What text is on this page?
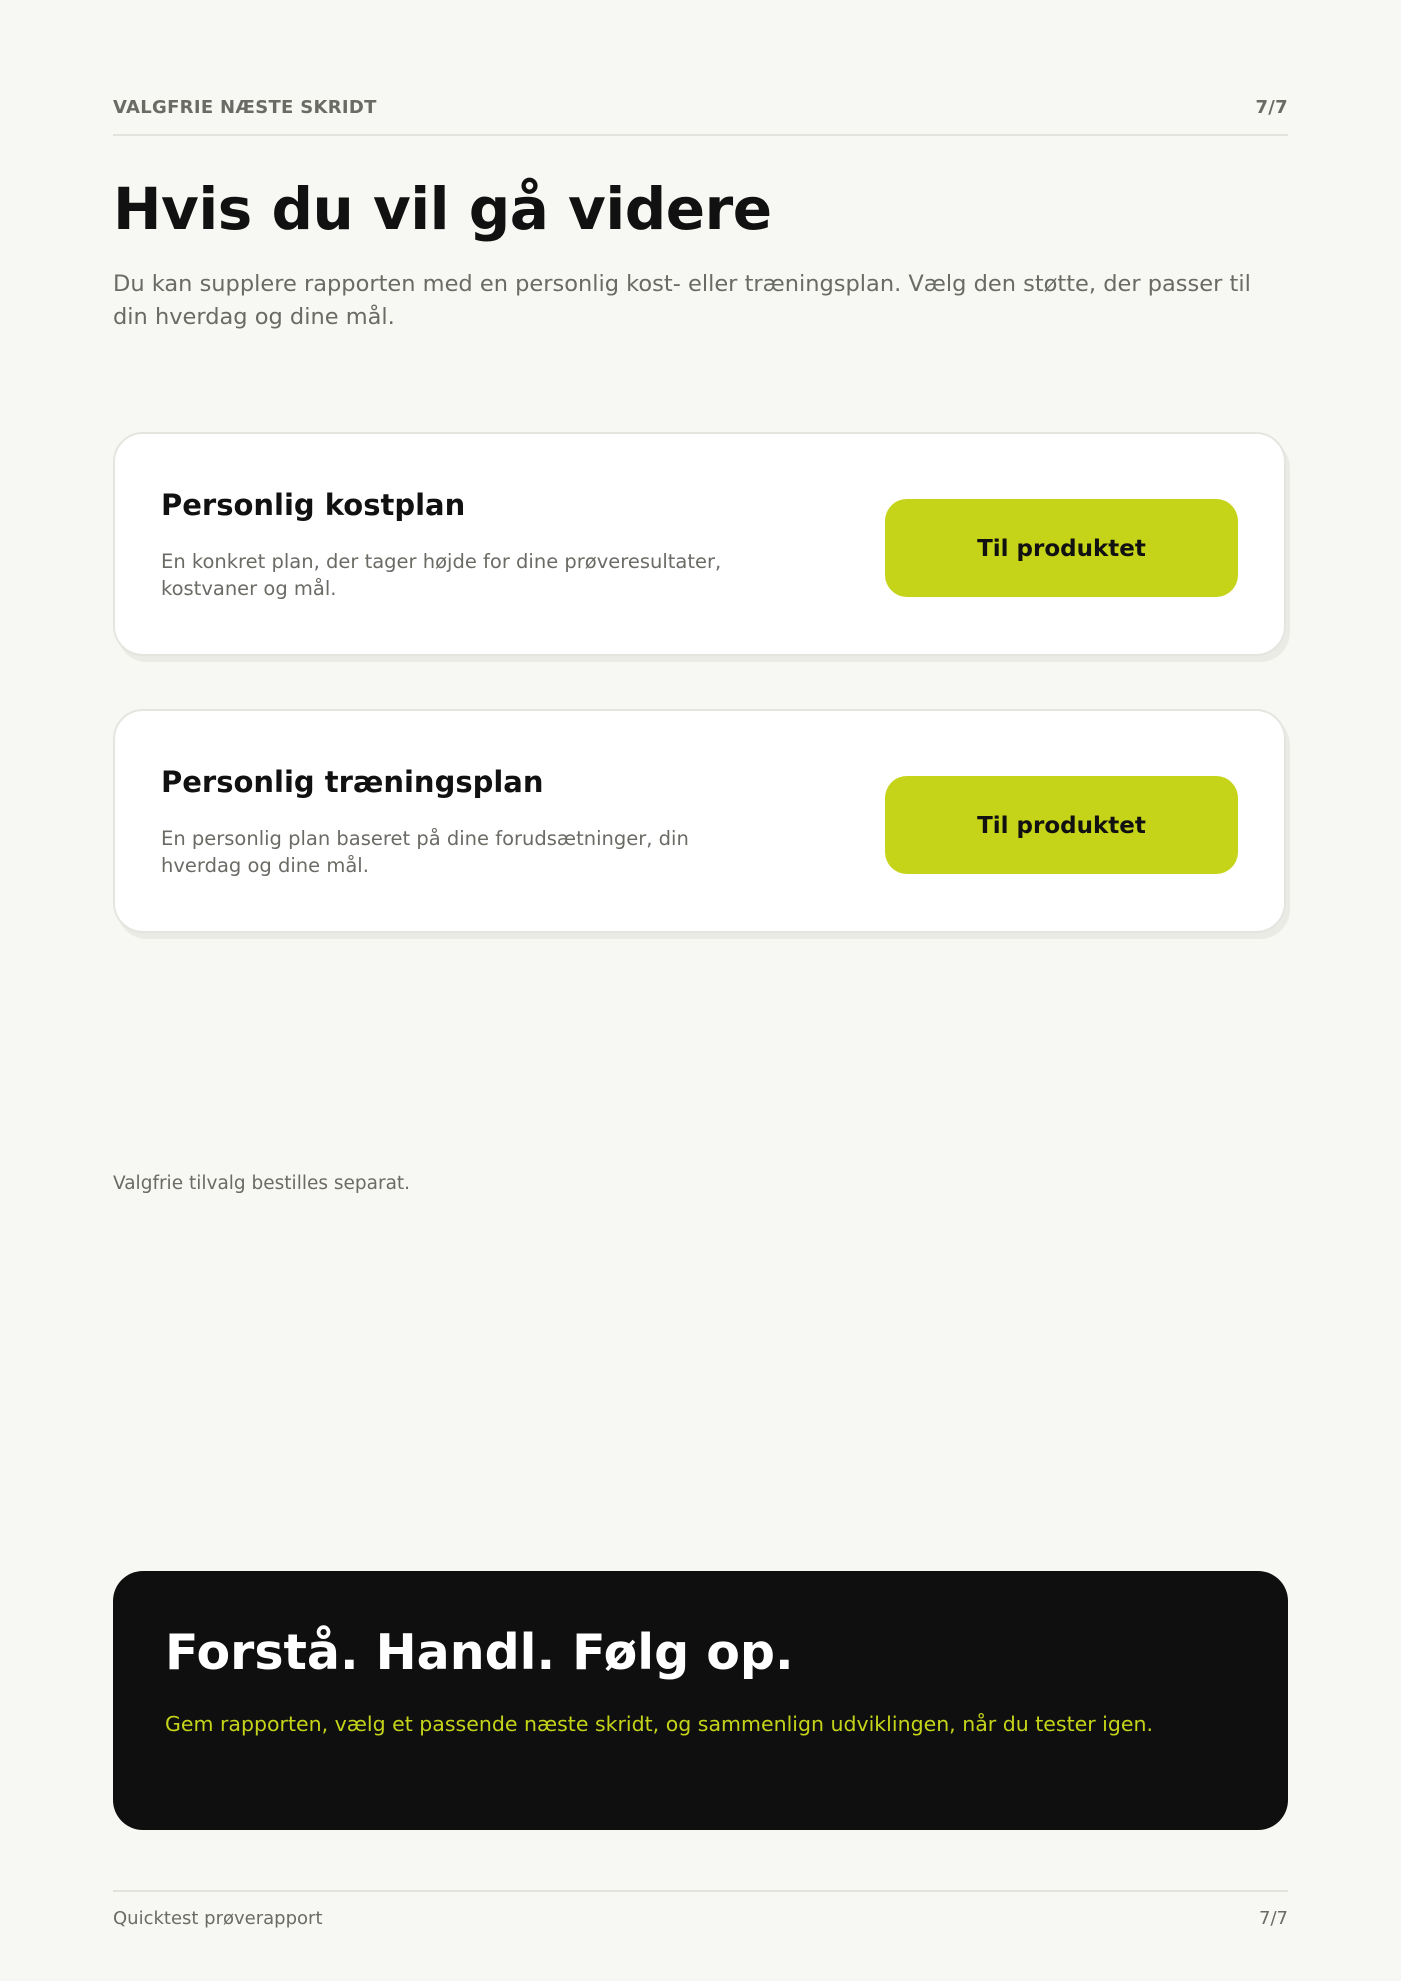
VALGFRIE NÆSTE SKRIDT	7/7
Hvis du vil gå videre

Du kan supplere rapporten med en personlig kost- eller træningsplan. Vælg den støtte, der passer til din hverdag og dine mål.

Personlig kostplan

En konkret plan, der tager højde for dine prøveresultater, kostvaner og mål.

Til produktet
Personlig træningsplan

En personlig plan baseret på dine forudsætninger, din hverdag og dine mål.

Til produktet

Valgfrie tilvalg bestilles separat.

Forstå. Handl. Følg op.

Gem rapporten, vælg et passende næste skridt, og sammenlign udviklingen, når du tester igen.

Quicktest prøverapport	7/7
